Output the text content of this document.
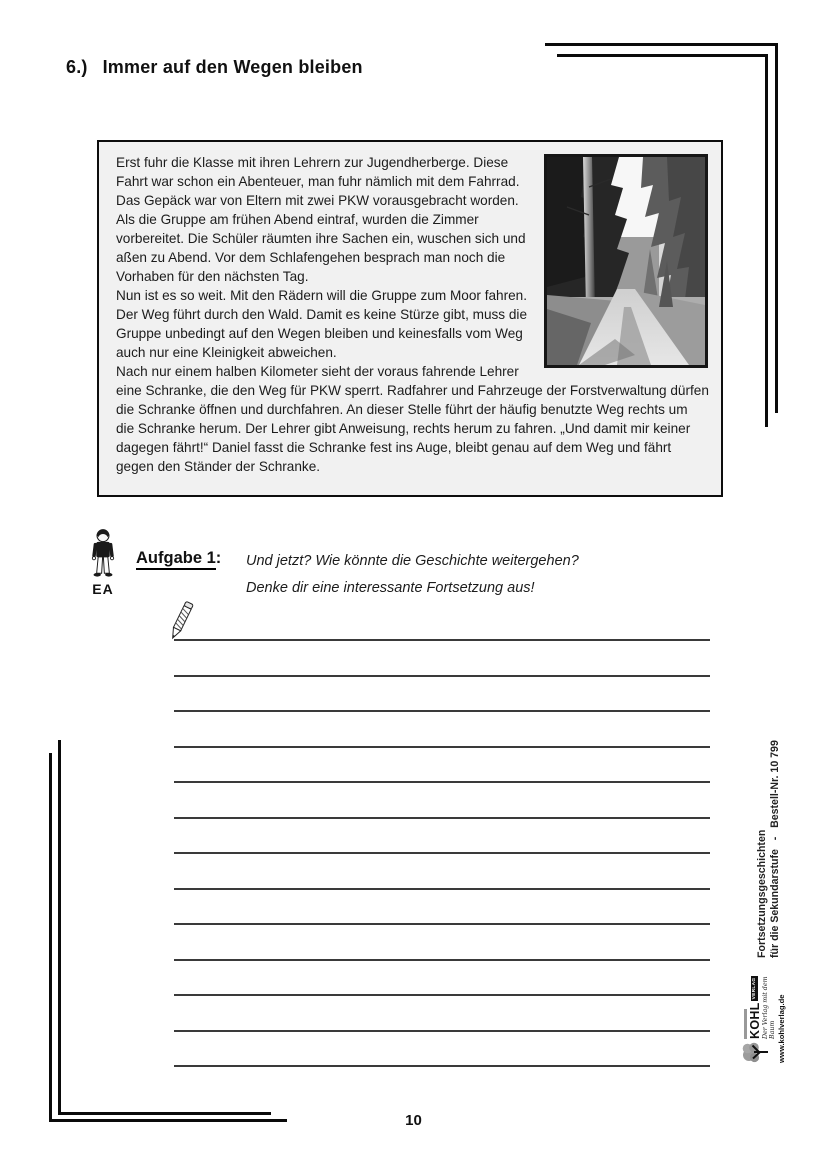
6.) Immer auf den Wegen bleiben

Erst fuhr die Klasse mit ihren Lehrern zur Jugendherberge. Diese Fahrt war schon ein Abenteuer, man fuhr nämlich mit dem Fahrrad. Das Gepäck war von Eltern mit zwei PKW vorausgebracht worden. Als die Gruppe am frühen Abend eintraf, wurden die Zimmer vorbereitet. Die Schüler räumten ihre Sachen ein, wuschen sich und aßen zu Abend. Vor dem Schlafengehen besprach man noch die Vorhaben für den nächsten Tag.

Nun ist es so weit. Mit den Rädern will die Gruppe zum Moor fahren. Der Weg führt durch den Wald. Damit es keine Stürze gibt, muss die Gruppe unbedingt auf den Wegen bleiben und keinesfalls vom Weg auch nur eine Kleinigkeit abweichen.

Nach nur einem halben Kilometer sieht der voraus fahrende Lehrer eine Schranke, die den Weg für PKW sperrt. Radfahrer und Fahrzeuge der Forstverwaltung dürfen die Schranke öffnen und durchfahren. An dieser Stelle führt der häufig benutzte Weg rechts um die Schranke herum. Der Lehrer gibt Anweisung, rechts herum zu fahren. „Und damit mir keiner dagegen fährt!“ Daniel fasst die Schranke fest ins Auge, bleibt genau auf dem Weg und fährt gegen den Ständer der Schranke.

EA
Aufgabe 1: Und jetzt? Wie könnte die Geschichte weitergehen?
Denke dir eine interessante Fortsetzung aus!
10
Fortsetzungsgeschichten für die Sekundarstufe   -   Bestell-Nr. 10 799
KOHL
VERLAG Der Verlag mit dem Baum www.kohlverlag.de
